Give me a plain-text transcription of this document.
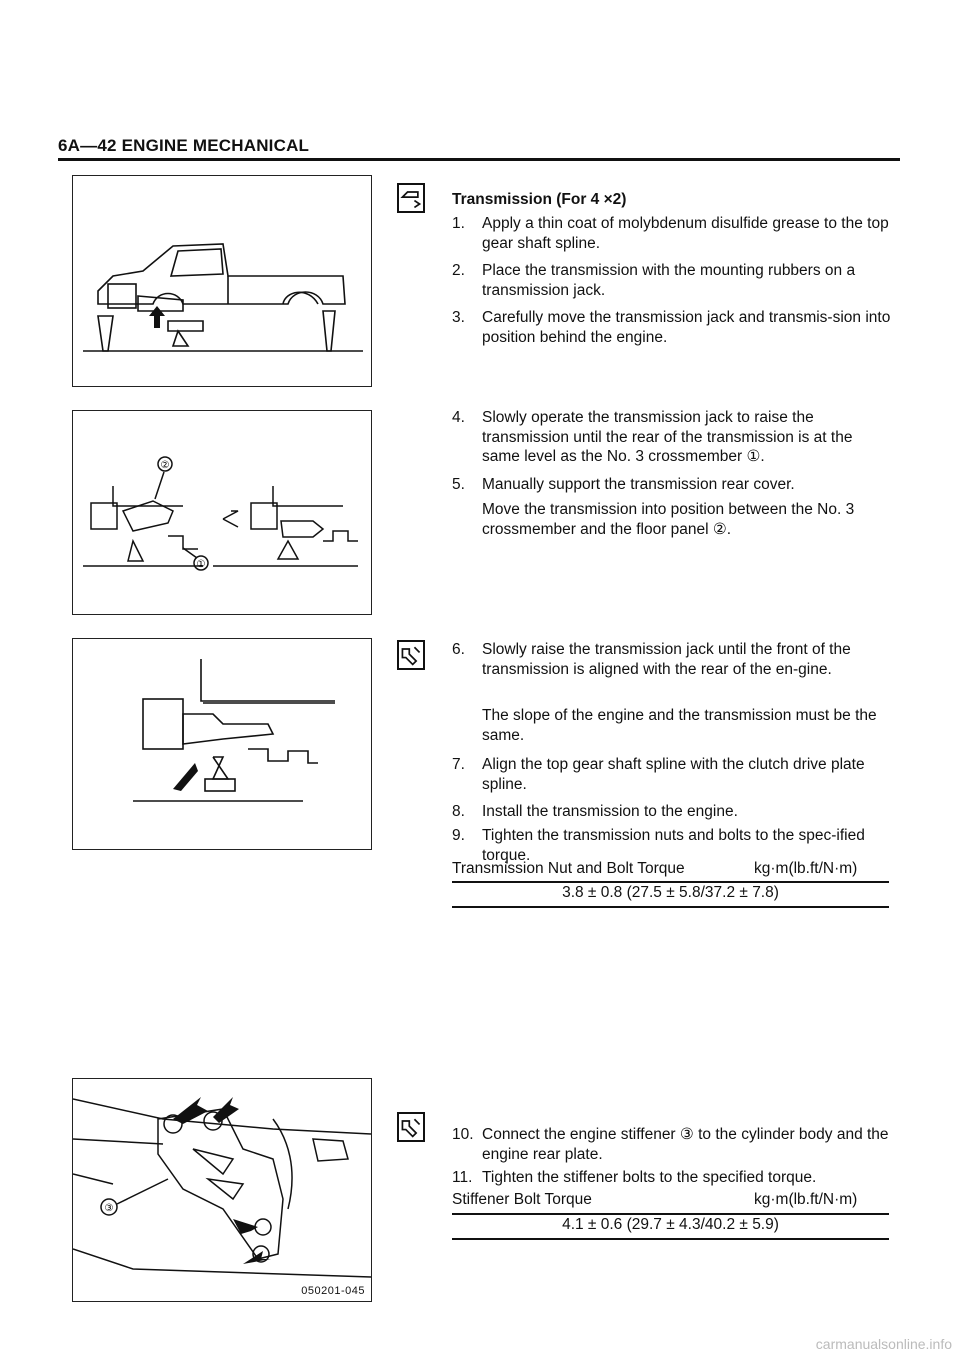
6A—42 ENGINE MECHANICAL
②
①
③
050201-045
Transmission (For 4 ×2)
1. Apply a thin coat of molybdenum disulfide grease to the top gear shaft spline.
2. Place the transmission with the mounting rubbers on a transmission jack.
3. Carefully move the transmission jack and transmis-sion into position behind the engine.
4. Slowly operate the transmission jack to raise the transmission until the rear of the transmission is at the same level as the No. 3 crossmember ①.
5. Manually support the transmission rear cover.
Move the transmission into position between the No. 3 crossmember and the floor panel ②.
6. Slowly raise the transmission jack until the front of the transmission is aligned with the rear of the en-gine.
The slope of the engine and the transmission must be the same.
7. Align the top gear shaft spline with the clutch drive plate spline.
8. Install the transmission to the engine.
9. Tighten the transmission nuts and bolts to the spec-ified torque.
Transmission Nut and Bolt Torque	kg·m(lb.ft/N·m)
3.8 ± 0.8 (27.5 ± 5.8/37.2 ± 7.8)
10. Connect the engine stiffener ③ to the cylinder body and the engine rear plate.
11. Tighten the stiffener bolts to the specified torque.
Stiffener Bolt Torque	kg·m(lb.ft/N·m)
4.1 ± 0.6 (29.7 ± 4.3/40.2 ± 5.9)
carmanualsonline.info
